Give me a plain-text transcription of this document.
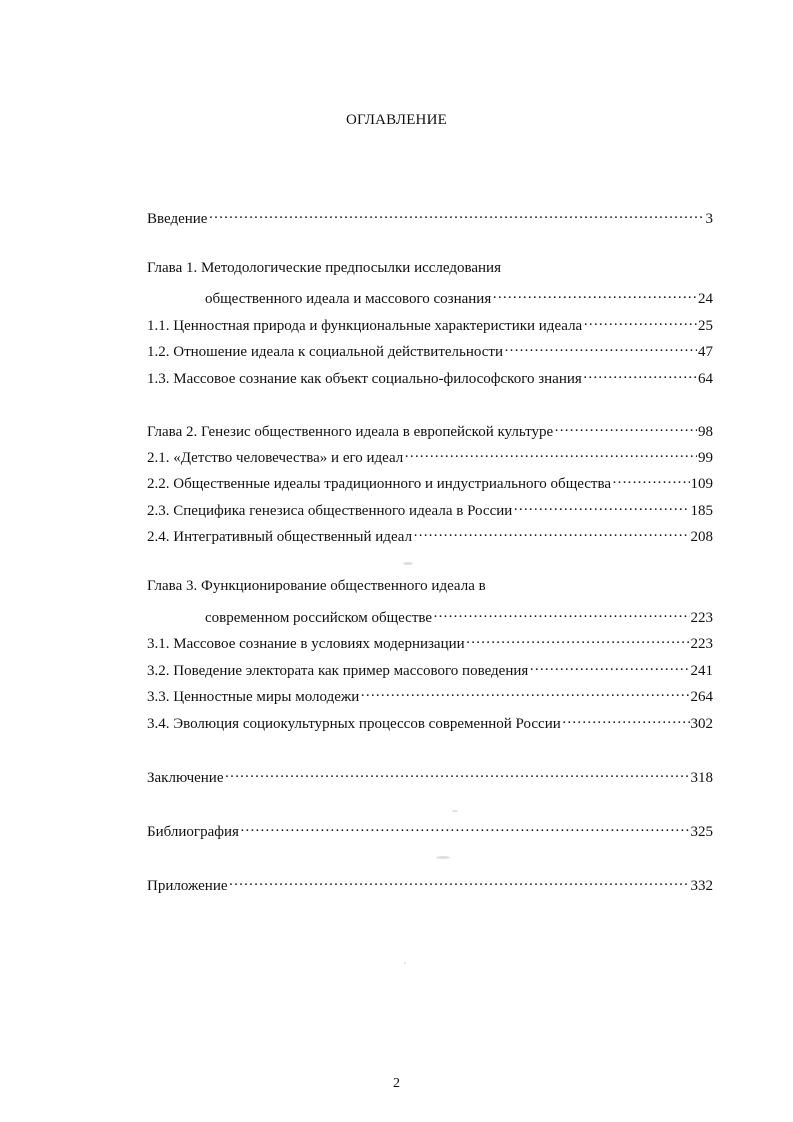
ОГЛАВЛЕНИЕ
Введение ………………………………………………………………………………………………………………………………………………………………………………	3
Глава 1. Методологические предпосылки исследования
общественного идеала и массового сознания ………………………………………………………………………………………………………………………………………………………………………………	24
1.1. Ценностная природа и функциональные характеристики идеала ………………………………………………………………………………………………………………………………………………………………………………	25
1.2. Отношение идеала к социальной действительности ………………………………………………………………………………………………………………………………………………………………………………	47
1.3. Массовое сознание как объект социально-философского знания ………………………………………………………………………………………………………………………………………………………………………………	64
Глава 2. Генезис общественного идеала в европейской культуре ………………………………………………………………………………………………………………………………………………………………………………	98
2.1. «Детство человечества» и его идеал ………………………………………………………………………………………………………………………………………………………………………………	99
2.2. Общественные идеалы традиционного и индустриального общества ………………………………………………………………………………………………………………………………………………………………………………	109
2.3. Специфика генезиса общественного идеала в России ………………………………………………………………………………………………………………………………………………………………………………	185
2.4. Интегративный общественный идеал ………………………………………………………………………………………………………………………………………………………………………………	208
Глава 3. Функционирование общественного идеала в
современном российском обществе ………………………………………………………………………………………………………………………………………………………………………………	223
3.1. Массовое сознание в условиях модернизации ………………………………………………………………………………………………………………………………………………………………………………	223
3.2. Поведение электората как пример массового поведения ………………………………………………………………………………………………………………………………………………………………………………	241
3.3. Ценностные миры молодежи ………………………………………………………………………………………………………………………………………………………………………………	264
3.4. Эволюция социокультурных процессов современной России ………………………………………………………………………………………………………………………………………………………………………………	302
Заключение ………………………………………………………………………………………………………………………………………………………………………………	318
Библиография ………………………………………………………………………………………………………………………………………………………………………………	325
Приложение ………………………………………………………………………………………………………………………………………………………………………………	332
2
